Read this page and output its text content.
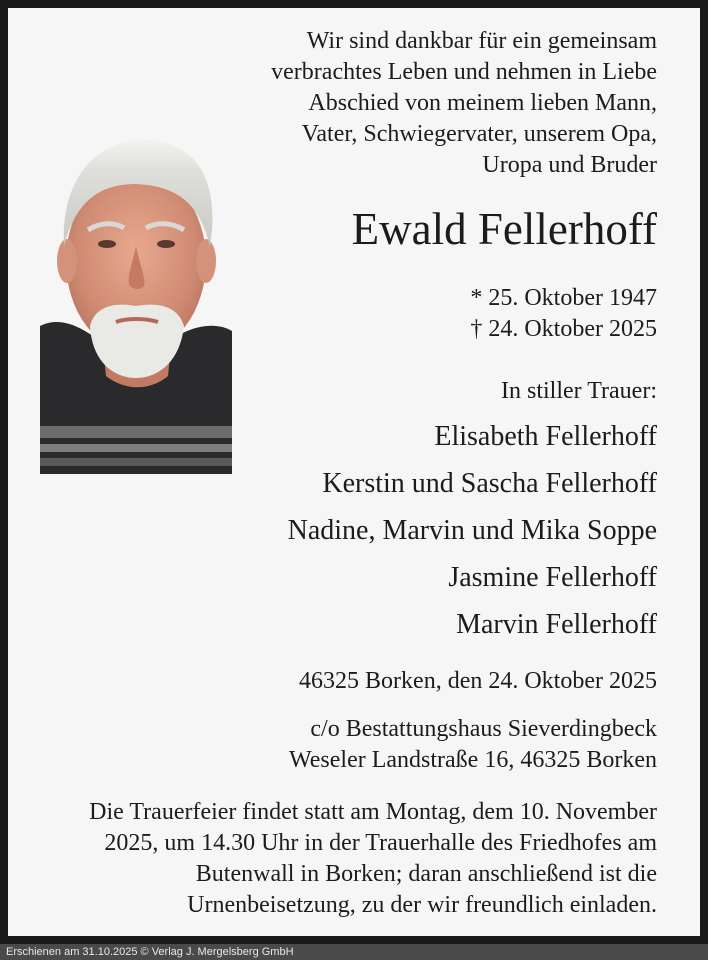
Wir sind dankbar für ein gemeinsam
verbrachtes Leben und nehmen in Liebe
Abschied von meinem lieben Mann,
Vater, Schwiegervater, unserem Opa,
Uropa und Bruder
Ewald Fellerhoff
* 25. Oktober 1947
† 24. Oktober 2025
In stiller Trauer:
Elisabeth Fellerhoff
Kerstin und Sascha Fellerhoff
Nadine, Marvin und Mika Soppe
Jasmine Fellerhoff
Marvin Fellerhoff
46325 Borken, den 24. Oktober 2025
c/o Bestattungshaus Sieverdingbeck
Weseler Landstraße 16, 46325 Borken
Die Trauerfeier findet statt am Montag, dem 10. November
2025, um 14.30 Uhr in der Trauerhalle des Friedhofes am
Butenwall in Borken; daran anschließend ist die
Urnenbeisetzung, zu der wir freundlich einladen.
Erschienen am 31.10.2025 © Verlag J. Mergelsberg GmbH
